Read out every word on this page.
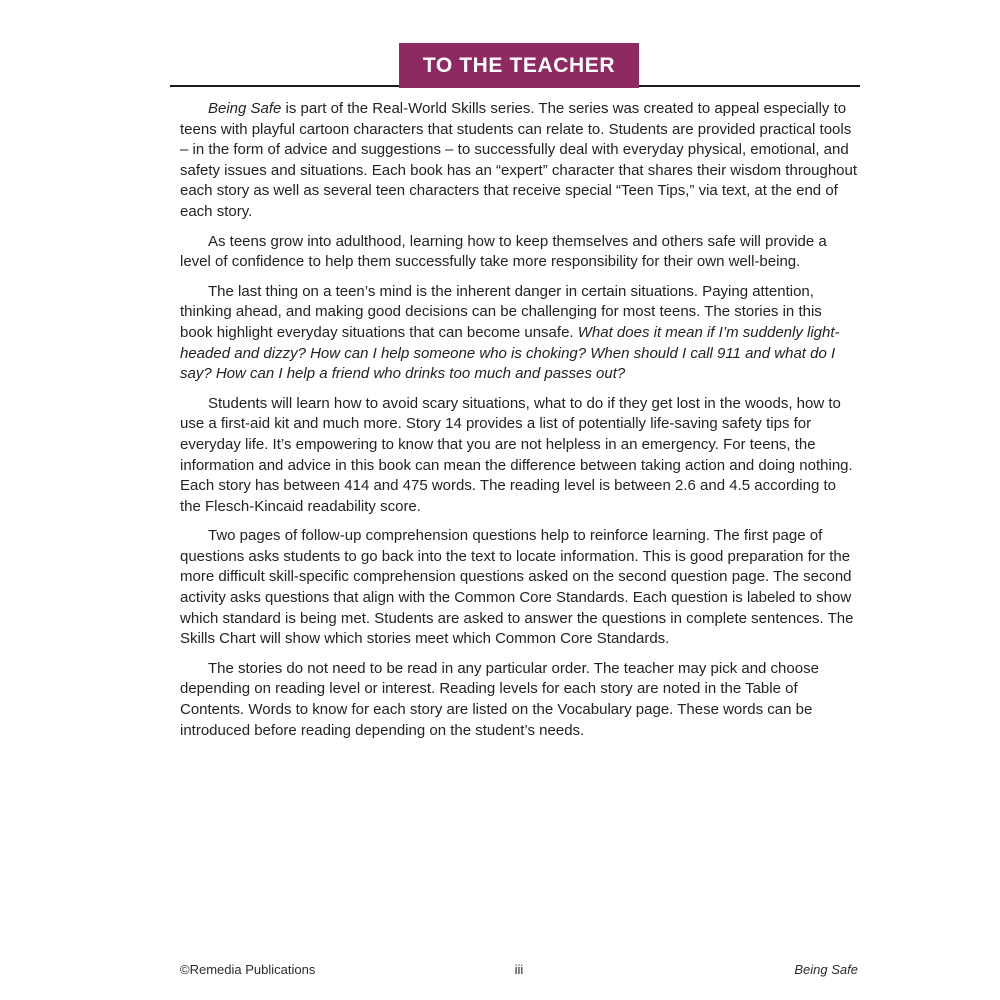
TO THE TEACHER

Being Safe is part of the Real-World Skills series. The series was created to appeal especially to teens with playful cartoon characters that students can relate to. Students are provided practical tools – in the form of advice and suggestions – to successfully deal with everyday physical, emotional, and safety issues and situations. Each book has an “expert” character that shares their wisdom throughout each story as well as several teen characters that receive special “Teen Tips,” via text, at the end of each story.

As teens grow into adulthood, learning how to keep themselves and others safe will provide a level of confidence to help them successfully take more responsibility for their own well-being.

The last thing on a teen’s mind is the inherent danger in certain situations. Paying attention, thinking ahead, and making good decisions can be challenging for most teens. The stories in this book highlight everyday situations that can become unsafe. What does it mean if I’m suddenly light-headed and dizzy? How can I help someone who is choking? When should I call 911 and what do I say? How can I help a friend who drinks too much and passes out?

Students will learn how to avoid scary situations, what to do if they get lost in the woods, how to use a first-aid kit and much more. Story 14 provides a list of potentially life-saving safety tips for everyday life. It’s empowering to know that you are not helpless in an emergency. For teens, the information and advice in this book can mean the difference between taking action and doing nothing. Each story has between 414 and 475 words. The reading level is between 2.6 and 4.5 according to the Flesch-Kincaid readability score.

Two pages of follow-up comprehension questions help to reinforce learning. The first page of questions asks students to go back into the text to locate information. This is good preparation for the more difficult skill-specific comprehension questions asked on the second question page. The second activity asks questions that align with the Common Core Standards. Each question is labeled to show which standard is being met. Students are asked to answer the questions in complete sentences. The Skills Chart will show which stories meet which Common Core Standards.

The stories do not need to be read in any particular order. The teacher may pick and choose depending on reading level or interest. Reading levels for each story are noted in the Table of Contents. Words to know for each story are listed on the Vocabulary page. These words can be introduced before reading depending on the student’s needs.

©Remedia Publications	iii	Being Safe
